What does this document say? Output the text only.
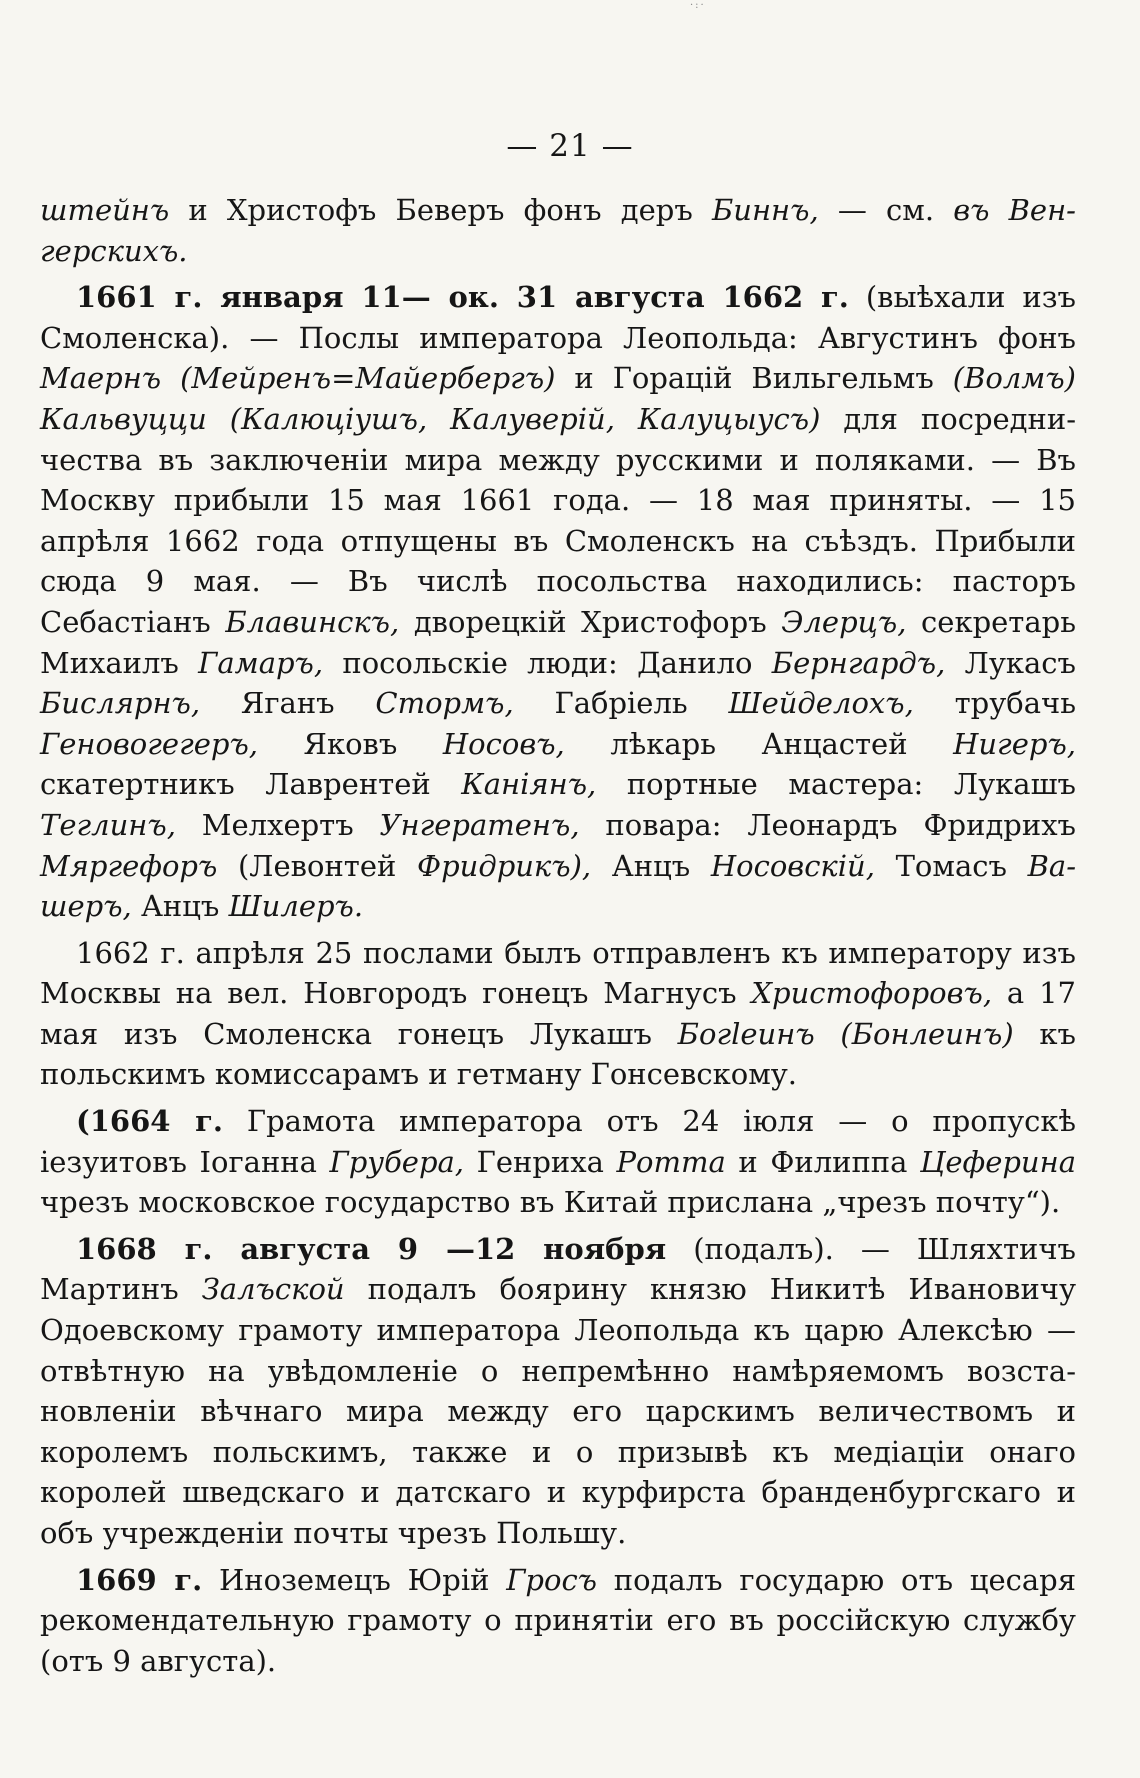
·:·
— 21 —

штейнъ и Христофъ Беверъ фонъ деръ Биннъ, — см. въ Венгерскихъ.

1661 г. января 11— ок. 31 августа 1662 г. (выѣхали изъ Смоленска). — Послы императора Леопольда: Августинъ фонъ Маернъ (Мейренъ=Майербергъ) и Горацій Вильгельмъ (Волмъ) Кальвуцци (Калюціушъ, Калуверій, Калуцыусъ) для посредничества въ заключеніи мира между русскими и поляками. — Въ Москву прибыли 15 мая 1661 года. — 18 мая приняты. — 15 апрѣля 1662 года отпущены въ Смоленскъ на съѣздъ. Прибыли сюда 9 мая. — Въ числѣ посольства находились: пасторъ Себастіанъ Блавинскъ, дворецкій Христофоръ Элерцъ, секретарь Михаилъ Гамаръ, посольскіе люди: Данило Бернгардъ, Лукасъ Бислярнъ, Яганъ Стормъ, Габріель Шейделохъ, трубачь Геновогегеръ, Яковъ Носовъ, лѣкарь Анцастей Нигеръ, скатертникъ Лаврентей Каніянъ, портные мастера: Лукашъ Теглинъ, Мелхертъ Унгератенъ, повара: Леонардъ Фридрихъ Мяргефоръ (Левонтей Фридрикъ), Анцъ Носовскій, Томасъ Вашеръ, Анцъ Шилеръ.

1662 г. апрѣля 25 послами былъ отправленъ къ императору изъ Москвы на вел. Новгородъ гонецъ Магнусъ Христофоровъ, а 17 мая изъ Смоленска гонецъ Лукашъ Богleинъ (Бонлеинъ) къ польскимъ комиссарамъ и гетману Гонсевскому.

(1664 г. Грамота императора отъ 24 іюля — о пропускѣ іезуитовъ Іоганна Грубера, Генриха Ротта и Филиппа Цеферина чрезъ московское государство въ Китай прислана „чрезъ почту“).

1668 г. августа 9 —12 ноября (подалъ). — Шляхтичъ Мартинъ Залъской подалъ боярину князю Никитѣ Ивановичу Одоевскому грамоту императора Леопольда къ царю Алексѣю — отвѣтную на увѣдомленіе о непремѣнно намѣряемомъ возстановленіи вѣчнаго мира между его царскимъ величествомъ и королемъ польскимъ, также и о призывѣ къ медіаціи онаго королей шведскаго и датскаго и курфирста бранденбургскаго и объ учрежденіи почты чрезъ Польшу.

1669 г. Иноземецъ Юрій Гросъ подалъ государю отъ цесаря рекомендательную грамоту о принятіи его въ россійскую службу (отъ 9 августа).
